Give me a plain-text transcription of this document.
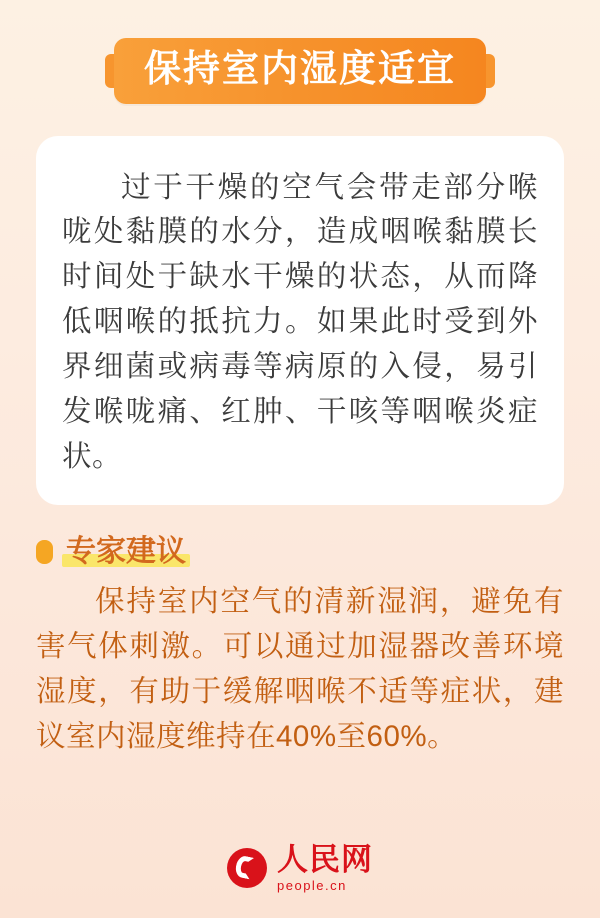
保持室内湿度适宜
过于干燥的空气会带走部分喉咙处黏膜的水分，造成咽喉黏膜长时间处于缺水干燥的状态，从而降低咽喉的抵抗力。如果此时受到外界细菌或病毒等病原的入侵，易引发喉咙痛、红肿、干咳等咽喉炎症状。
专家建议
保持室内空气的清新湿润，避免有害气体刺激。可以通过加湿器改善环境湿度，有助于缓解咽喉不适等症状，建议室内湿度维持在40%至60%。
人民网
people.cn
